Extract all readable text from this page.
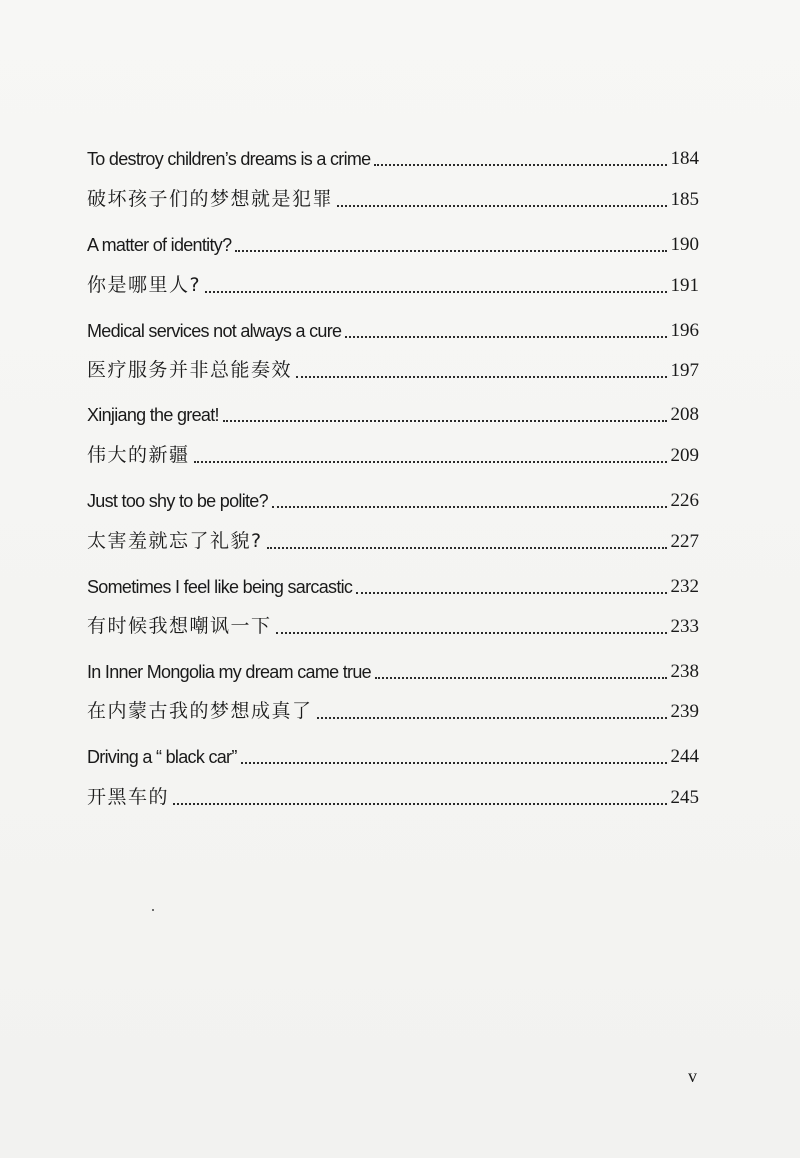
To destroy children’s dreams is a crime	184
破坏孩子们的梦想就是犯罪	185
A matter of identity?	190
你是哪里人?	191
Medical services not always a cure	196
医疗服务并非总能奏效	197
Xinjiang the great!	208
伟大的新疆	209
Just too shy to be polite?	226
太害羞就忘了礼貌?	227
Sometimes I feel like being sarcastic	232
有时候我想嘲讽一下	233
In Inner Mongolia my dream came true	238
在内蒙古我的梦想成真了	239
Driving a “ black car”	244
开黑车的	245
v
